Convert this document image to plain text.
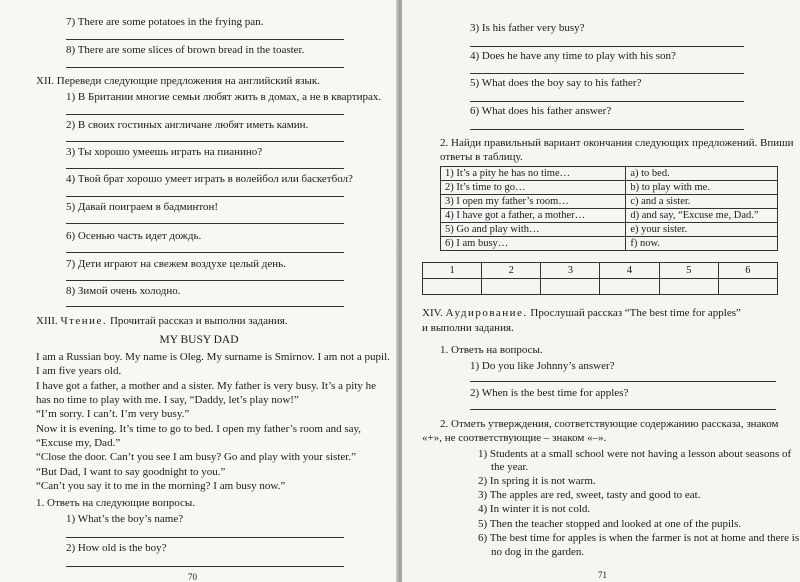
7) There are some potatoes in the frying pan.
8) There are some slices of brown bread in the toaster.
XII. Переведи следующие предложения на английский язык.
1) В Британии многие семьи любят жить в домах, а не в квартирах.
2) В своих гостиных англичане любят иметь камин.
3) Ты хорошо умеешь играть на пианино?
4) Твой брат хорошо умеет играть в волейбол или баскетбол?
5) Давай поиграем в бадминтон!
6) Осенью часть идет дождь.
7) Дети играют на свежем воздухе целый день.
8) Зимой очень холодно.
XIII. Чтение. Прочитай рассказ и выполни задания.
MY BUSY DAD
I am a Russian boy. My name is Oleg. My surname is Smirnov. I am not a pupil.
I am five years old.
I have got a father, a mother and a sister. My father is very busy. It’s a pity he
has no time to play with me. I say, “Daddy, let’s play now!”
“I’m sorry. I can’t. I’m very busy.”
Now it is evening. It’s time to go to bed. I open my father’s room and say,
“Excuse my, Dad.”
“Close the door. Can’t you see I am busy? Go and play with your sister.”
“But Dad, I want to say goodnight to you.”
“Can’t you say it to me in the morning? I am busy now.”
1. Ответь на следующие вопросы.
1) What’s the boy’s name?
2) How old is the boy?
70
3) Is his father very busy?
4) Does he have any time to play with his son?
5) What does the boy say to his father?
6) What does his father answer?
2. Найди правильный вариант окончания следующих предложений. Впиши
ответы в таблицу.
1) It’s a pity he has no time…	a) to bed.
2) It’s time to go…	b) to play with me.
3) I open my father’s room…	c) and a sister.
4) I have got a father, a mother…	d) and say, “Excuse me, Dad.”
5) Go and play with…	e) your sister.
6) I am busy…	f) now.
1	2	3	4	5	6

XIV. Аудирование. Прослушай рассказ “The best time for apples”
и выполни задания.
1. Ответь на вопросы.
1) Do you like Johnny’s answer?
2) When is the best time for apples?
2. Отметь утверждения, соответствующие содержанию рассказа, знаком
«+», не соответствующие – знаком «–».
1) Students at a small school were not having a lesson about seasons of
the year.
2) In spring it is not warm.
3) The apples are red, sweet, tasty and good to eat.
4) In winter it is not cold.
5) Then the teacher stopped and looked at one of the pupils.
6) The best time for apples is when the farmer is not at home and there is
no dog in the garden.
71
